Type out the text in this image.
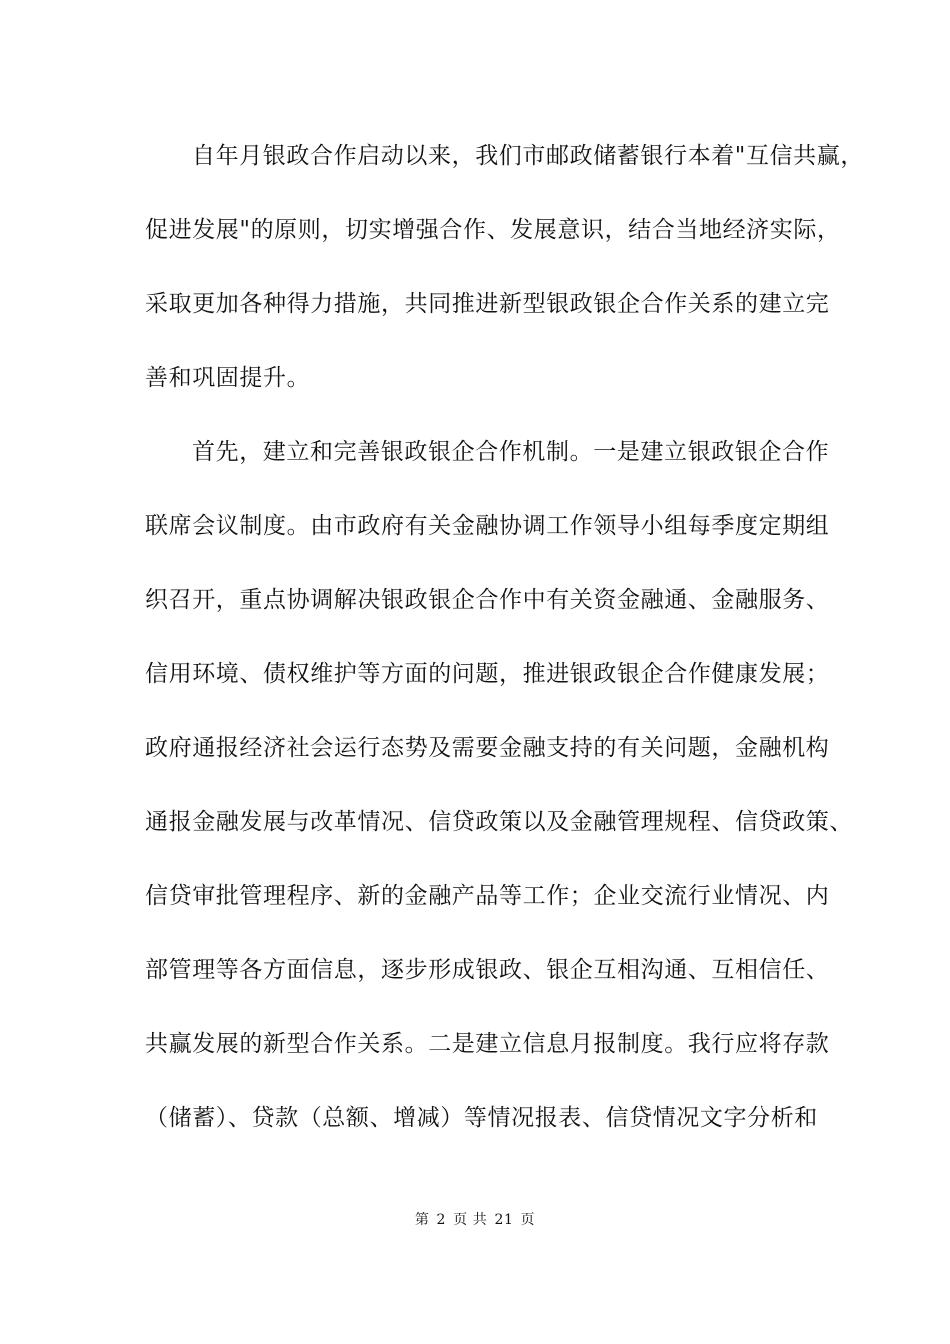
自年月银政合作启动以来，我们市邮政储蓄银行本着"互信共赢，
促进发展"的原则，切实增强合作、发展意识，结合当地经济实际，
采取更加各种得力措施，共同推进新型银政银企合作关系的建立完
善和巩固提升。
首先，建立和完善银政银企合作机制。一是建立银政银企合作
联席会议制度。由市政府有关金融协调工作领导小组每季度定期组
织召开，重点协调解决银政银企合作中有关资金融通、金融服务、
信用环境、债权维护等方面的问题，推进银政银企合作健康发展；
政府通报经济社会运行态势及需要金融支持的有关问题，金融机构
通报金融发展与改革情况、信贷政策以及金融管理规程、信贷政策、
信贷审批管理程序、新的金融产品等工作；企业交流行业情况、内
部管理等各方面信息，逐步形成银政、银企互相沟通、互相信任、
共赢发展的新型合作关系。二是建立信息月报制度。我行应将存款
（储蓄）、贷款（总额、增减）等情况报表、信贷情况文字分析和
第 2 页 共 21 页
